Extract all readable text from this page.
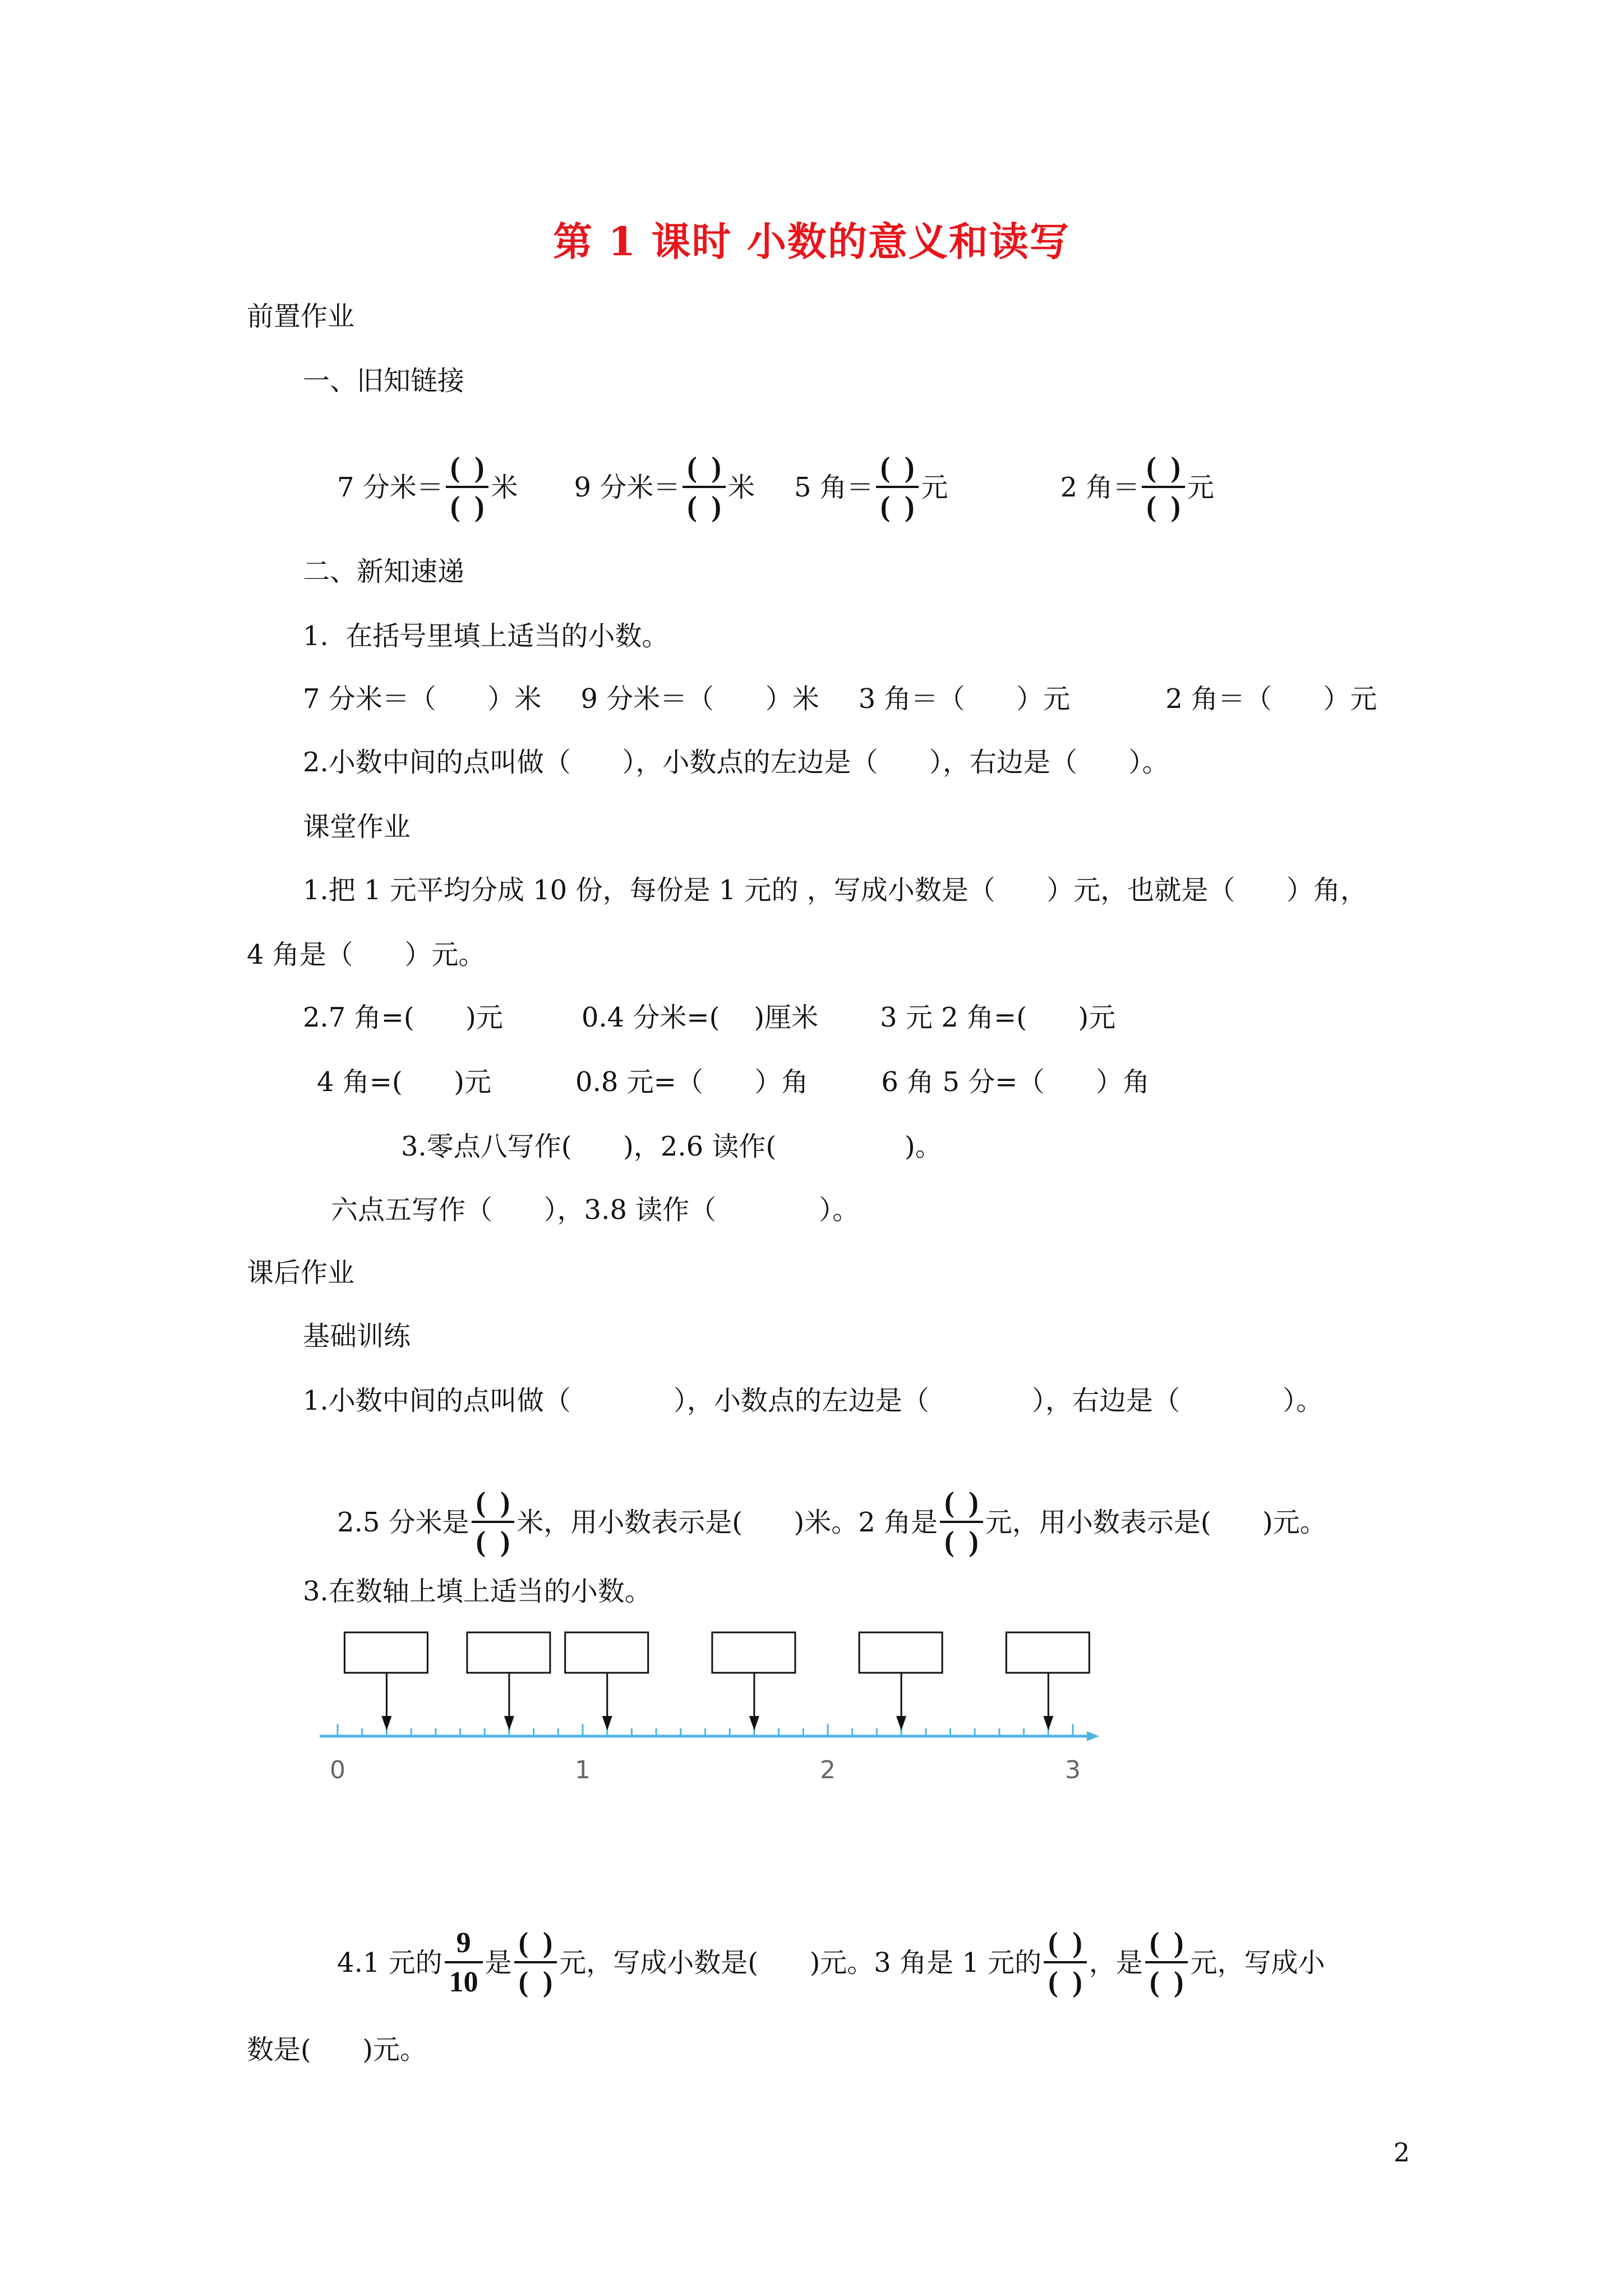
第 1 课时 小数的意义和读写
前置作业
一、旧知链接

7 分米＝ $\frac{( )}{( )}$ 米 9 分米＝ $\frac{( )}{( )}$ 米 5 角＝ $\frac{( )}{( )}$ 元	2 角＝ $\frac{( )}{( )}$ 元

二、新知速递
1.  在括号里填上适当的小数。
7 分米＝（      ）米 9 分米＝（      ）米 3 角＝（      ）元	2 角＝（      ）元
2.小数中间的点叫做（      ），小数点的左边是（      ），右边是（      ）。
课堂作业
1.把 1 元平均分成 10 份，每份是 1 元的 ，写成小数是（      ）元，也就是（      ）角，
4 角是（      ）元。
2.7 角=(      )元	0.4 分米=(    )厘米 3 元 2 角=(      )元
4 角=(      )元	0.8 元=（      ）角	6 角 5 分=（      ）角
3.零点八写作(      )，2.6 读作(               )。
六点五写作（      ），3.8 读作（            ）。
课后作业
基础训练
1.小数中间的点叫做（            ），小数点的左边是（            ），右边是（            ）。

2.5 分米是 $\frac{( )}{( )}$ 米，用小数表示是(      )米。2 角是 $\frac{( )}{( )}$ 元，用小数表示是(      )元。

3.在数轴上填上适当的小数。
0	1	2	3

4.1 元的 $\frac{9}{10}$ 是 $\frac{( )}{( )}$ 元，写成小数是(      )元。3 角是 1 元的 $\frac{( )}{( )}$ ，是 $\frac{( )}{( )}$ 元，写成小

数是(      )元。
2
